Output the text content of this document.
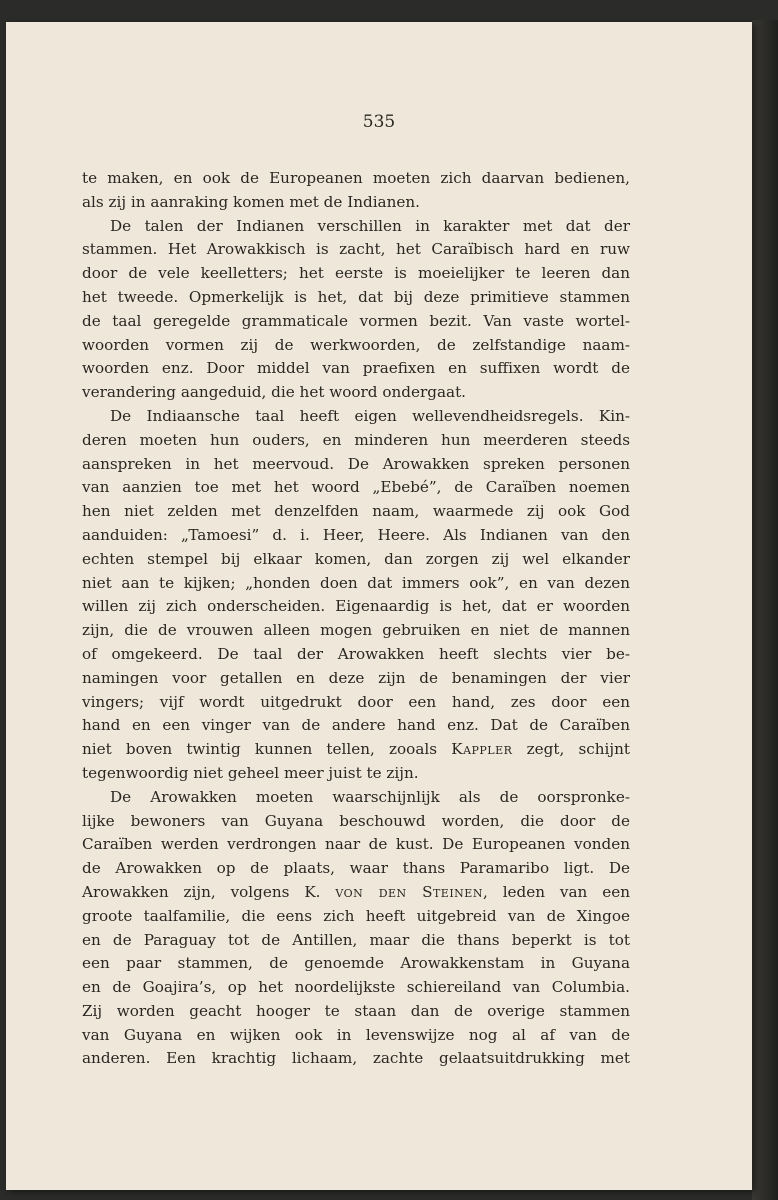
535
te maken, en ook de Europeanen moeten zich daarvan bedienen,
als zij in aanraking komen met de Indianen.
De talen der Indianen verschillen in karakter met dat der
stammen. Het Arowakkisch is zacht, het Caraïbisch hard en ruw
door de vele keelletters; het eerste is moeielijker te leeren dan
het tweede. Opmerkelijk is het, dat bij deze primitieve stammen
de taal geregelde grammaticale vormen bezit. Van vaste wortel-
woorden vormen zij de werkwoorden, de zelfstandige naam-
woorden enz. Door middel van praefixen en suffixen wordt de
verandering aangeduid, die het woord ondergaat.
De Indiaansche taal heeft eigen wellevendheidsregels. Kin-
deren moeten hun ouders, en minderen hun meerderen steeds
aanspreken in het meervoud. De Arowakken spreken personen
van aanzien toe met het woord „Ebebé”, de Caraïben noemen
hen niet zelden met denzelfden naam, waarmede zij ook God
aanduiden: „Tamoesi” d. i. Heer, Heere. Als Indianen van den
echten stempel bij elkaar komen, dan zorgen zij wel elkander
niet aan te kijken; „honden doen dat immers ook”, en van dezen
willen zij zich onderscheiden. Eigenaardig is het, dat er woorden
zijn, die de vrouwen alleen mogen gebruiken en niet de mannen
of omgekeerd. De taal der Arowakken heeft slechts vier be-
namingen voor getallen en deze zijn de benamingen der vier
vingers; vijf wordt uitgedrukt door een hand, zes door een
hand en een vinger van de andere hand enz. Dat de Caraïben
niet boven twintig kunnen tellen, zooals Kappler zegt, schijnt
tegenwoordig niet geheel meer juist te zijn.
De Arowakken moeten waarschijnlijk als de oorspronke-
lijke bewoners van Guyana beschouwd worden, die door de
Caraïben werden verdrongen naar de kust. De Europeanen vonden
de Arowakken op de plaats, waar thans Paramaribo ligt. De
Arowakken zijn, volgens K. von den Steinen, leden van een
groote taalfamilie, die eens zich heeft uitgebreid van de Xingoe
en de Paraguay tot de Antillen, maar die thans beperkt is tot
een paar stammen, de genoemde Arowakkenstam in Guyana
en de Goajira’s, op het noordelijkste schiereiland van Columbia.
Zij worden geacht hooger te staan dan de overige stammen
van Guyana en wijken ook in levenswijze nog al af van de
anderen. Een krachtig lichaam, zachte gelaatsuitdrukking met
